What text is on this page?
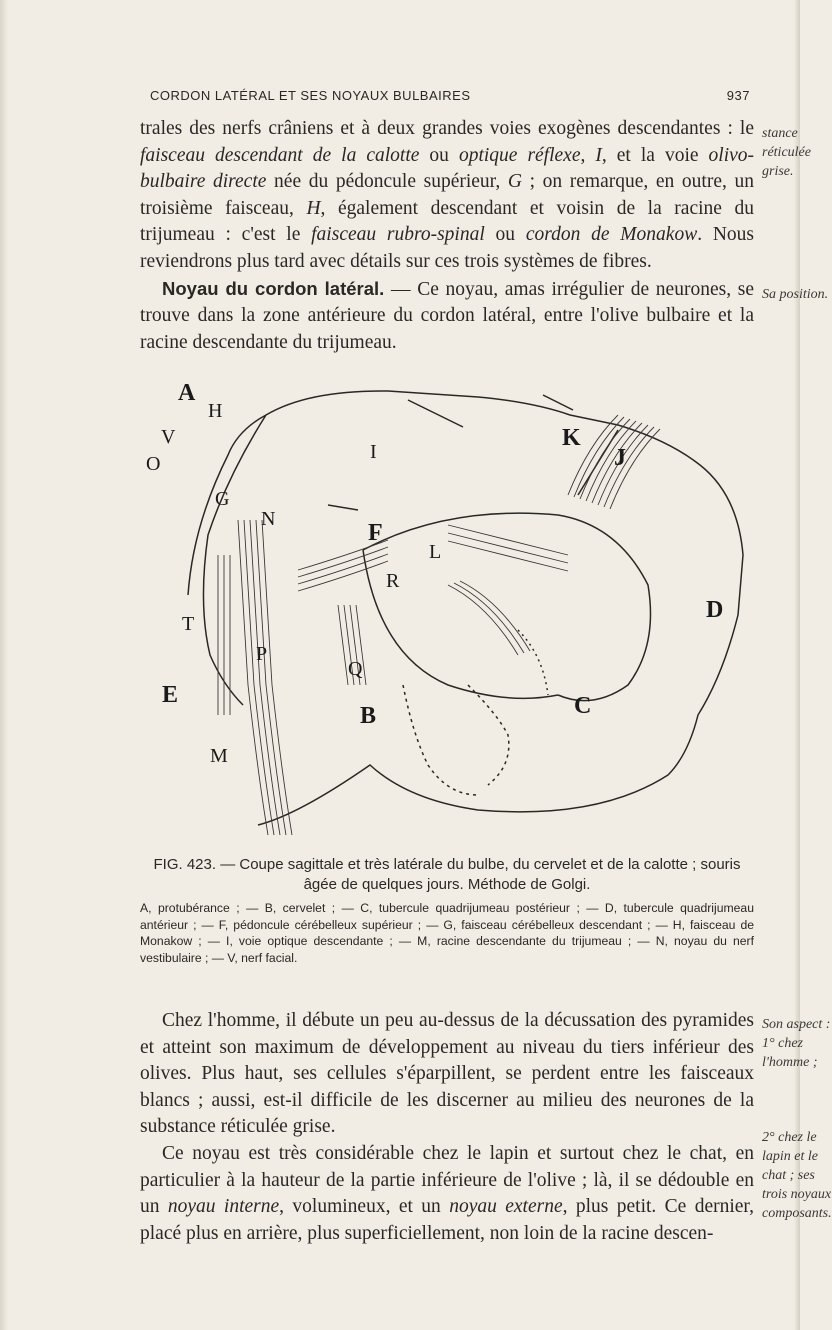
CORDON LATÉRAL ET SES NOYAUX BULBAIRES	937

trales des nerfs crâniens et à deux grandes voies exogènes descendantes : le faisceau descendant de la calotte ou optique réflexe, I, et la voie olivo-bulbaire directe née du pédoncule supérieur, G ; on remarque, en outre, un troisième faisceau, H, également descendant et voisin de la racine du trijumeau : c'est le faisceau rubro-spinal ou cordon de Monakow. Nous reviendrons plus tard avec détails sur ces trois systèmes de fibres.

Noyau du cordon latéral. — Ce noyau, amas irrégulier de neurones, se trouve dans la zone antérieure du cordon latéral, entre l'olive bulbaire et la racine descendante du trijumeau.

stance réticulée grise.
Sa position.
A
H
V
O
I
G
N
F
L
R
K
J
D
T
P
Q
E
B	C
M
FIG. 423. — Coupe sagittale et très latérale du bulbe, du cervelet et de la calotte ; souris âgée de quelques jours. Méthode de Golgi.
A, protubérance ; — B, cervelet ; — C, tubercule quadrijumeau postérieur ; — D, tubercule quadrijumeau antérieur ; — F, pédoncule cérébelleux supérieur ; — G, faisceau cérébelleux descendant ; — H, faisceau de Monakow ; — I, voie optique descendante ; — M, racine descendante du trijumeau ; — N, noyau du nerf vestibulaire ; — V, nerf facial.

Chez l'homme, il débute un peu au-dessus de la décussation des pyramides et atteint son maximum de développement au niveau du tiers inférieur des olives. Plus haut, ses cellules s'éparpillent, se perdent entre les faisceaux blancs ; aussi, est-il difficile de les discerner au milieu des neurones de la substance réticulée grise.

Ce noyau est très considérable chez le lapin et surtout chez le chat, en particulier à la hauteur de la partie inférieure de l'olive ; là, il se dédouble en un noyau interne, volumineux, et un noyau externe, plus petit. Ce dernier, placé plus en arrière, plus superficiellement, non loin de la racine descen-

Son aspect : 1° chez l'homme ;
2° chez le lapin et le chat ; ses trois noyaux composants.
